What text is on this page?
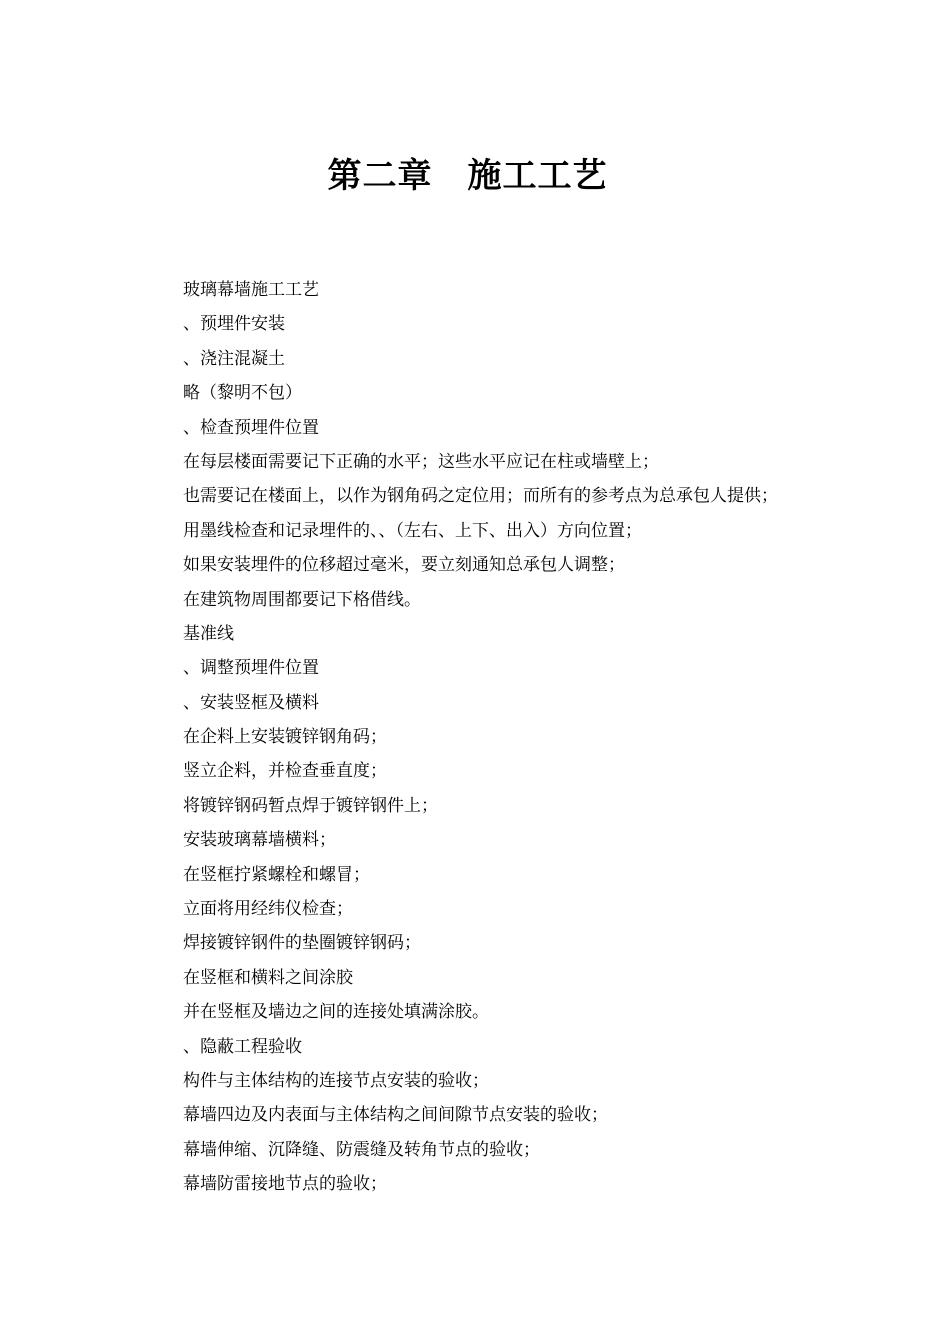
第二章　施工工艺
玻璃幕墙施工工艺
、预埋件安装
、浇注混凝土
略（黎明不包）
、检查预埋件位置
在每层楼面需要记下正确的水平；这些水平应记在柱或墙壁上；
也需要记在楼面上，以作为钢角码之定位用；而所有的参考点为总承包人提供；
用墨线检查和记录埋件的、、（左右、上下、出入）方向位置；
如果安装埋件的位移超过毫米，要立刻通知总承包人调整；
在建筑物周围都要记下格借线。
基准线
、调整预埋件位置
、安装竖框及横料
在企料上安装镀锌钢角码；
竖立企料，并检查垂直度；
将镀锌钢码暂点焊于镀锌钢件上；
安装玻璃幕墙横料；
在竖框拧紧螺栓和螺冒；
立面将用经纬仪检查；
焊接镀锌钢件的垫圈镀锌钢码；
在竖框和横料之间涂胶
并在竖框及墙边之间的连接处填满涂胶。
、隐蔽工程验收
构件与主体结构的连接节点安装的验收；
幕墙四边及内表面与主体结构之间间隙节点安装的验收；
幕墙伸缩、沉降缝、防震缝及转角节点的验收；
幕墙防雷接地节点的验收；
